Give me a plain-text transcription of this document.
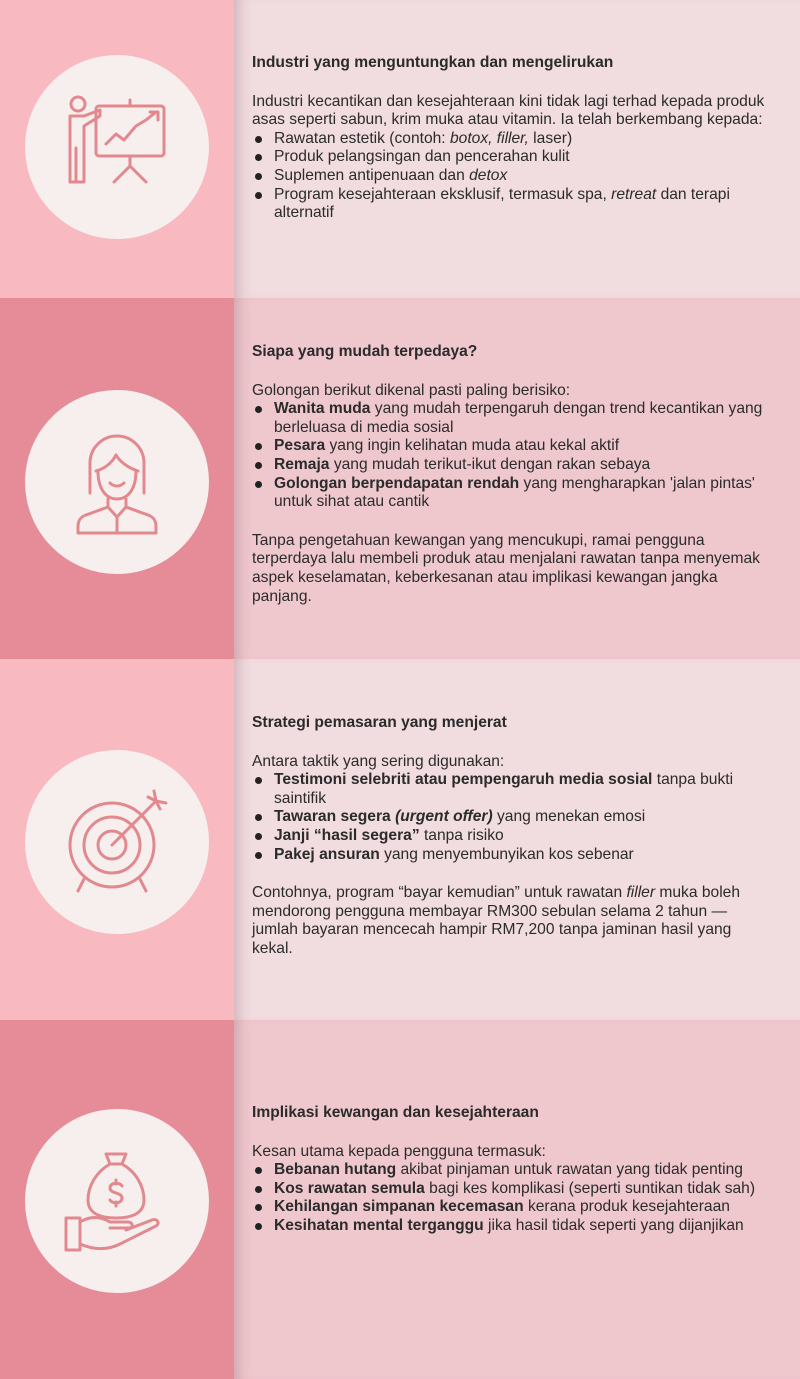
Industri yang menguntungkan dan mengelirukan

Industri kecantikan dan kesejahteraan kini tidak lagi terhad kepada produk asas seperti sabun, krim muka atau vitamin. Ia telah berkembang kepada:

Rawatan estetik (contoh: botox, filler, laser)
Produk pelangsingan dan pencerahan kulit
Suplemen antipenuaan dan detox
Program kesejahteraan eksklusif, termasuk spa, retreat dan terapi alternatif

Siapa yang mudah terpedaya?

Golongan berikut dikenal pasti paling berisiko:

Wanita muda yang mudah terpengaruh dengan trend kecantikan yang berleluasa di media sosial
Pesara yang ingin kelihatan muda atau kekal aktif
Remaja yang mudah terikut-ikut dengan rakan sebaya
Golongan berpendapatan rendah yang mengharapkan 'jalan pintas' untuk sihat atau cantik

Tanpa pengetahuan kewangan yang mencukupi, ramai pengguna terperdaya lalu membeli produk atau menjalani rawatan tanpa menyemak aspek keselamatan, keberkesanan atau implikasi kewangan jangka panjang.

Strategi pemasaran yang menjerat

Antara taktik yang sering digunakan:

Testimoni selebriti atau pempengaruh media sosial tanpa bukti saintifik
Tawaran segera (urgent offer) yang menekan emosi
Janji “hasil segera” tanpa risiko
Pakej ansuran yang menyembunyikan kos sebenar

Contohnya, program “bayar kemudian” untuk rawatan filler muka boleh mendorong pengguna membayar RM300 sebulan selama 2 tahun — jumlah bayaran mencecah hampir RM7,200 tanpa jaminan hasil yang kekal.

Implikasi kewangan dan kesejahteraan

Kesan utama kepada pengguna termasuk:

Bebanan hutang akibat pinjaman untuk rawatan yang tidak penting
Kos rawatan semula bagi kes komplikasi (seperti suntikan tidak sah)
Kehilangan simpanan kecemasan kerana produk kesejahteraan
Kesihatan mental terganggu jika hasil tidak seperti yang dijanjikan
